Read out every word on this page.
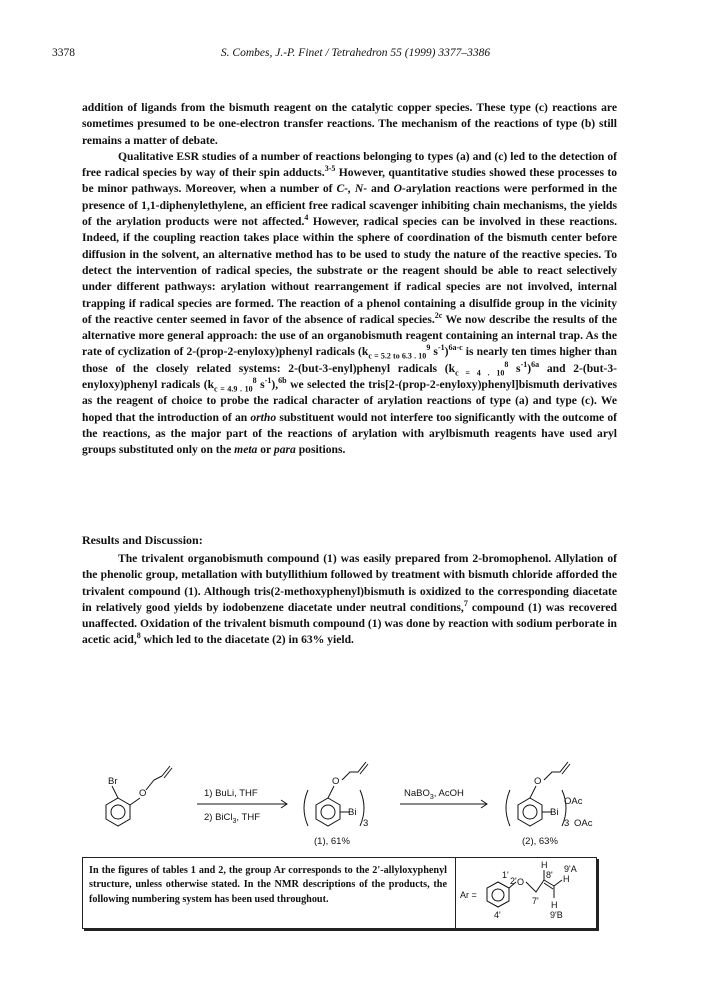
3378	S. Combes, J.-P. Finet / Tetrahedron 55 (1999) 3377–3386

addition of ligands from the bismuth reagent on the catalytic copper species. These type (c) reactions are sometimes presumed to be one-electron transfer reactions. The mechanism of the reactions of type (b) still remains a matter of debate.

Qualitative ESR studies of a number of reactions belonging to types (a) and (c) led to the detection of free radical species by way of their spin adducts.$^{3-5}$ However, quantitative studies showed these processes to be minor pathways. Moreover, when a number of C-, N- and O-arylation reactions were performed in the presence of 1,1-diphenylethylene, an efficient free radical scavenger inhibiting chain mechanisms, the yields of the arylation products were not affected.$^4$ However, radical species can be involved in these reactions. Indeed, if the coupling reaction takes place within the sphere of coordination of the bismuth center before diffusion in the solvent, an alternative method has to be used to study the nature of the reactive species. To detect the intervention of radical species, the substrate or the reagent should be able to react selectively under different pathways: arylation without rearrangement if radical species are not involved, internal trapping if radical species are formed. The reaction of a phenol containing a disulfide group in the vicinity of the reactive center seemed in favor of the absence of radical species.$^{2c}$ We now describe the results of the alternative more general approach: the use of an organobismuth reagent containing an internal trap. As the rate of cyclization of 2-(prop-2-enyloxy)phenyl radicals ($k_{c = 5.2 to 6.3 . 10}^9$ $s^{-1})^{6a-c}$ is nearly ten times higher than those of the closely related systems: 2-(but-3-enyl)phenyl radicals ($k_{c = 4 . 10}^8$ $s^{-1})^{6a}$ and 2-(but-3-enyloxy)phenyl radicals ($k_{c = 4.9 . 10}^8$ $s^{-1}),^{6b}$ we selected the tris[2-(prop-2-enyloxy)phenyl]bismuth derivatives as the reagent of choice to probe the radical character of arylation reactions of type (a) and type (c). We hoped that the introduction of an ortho substituent would not interfere too significantly with the outcome of the reactions, as the major part of the reactions of arylation with arylbismuth reagents have used aryl groups substituted only on the meta or para positions.

Results and Discussion:

The trivalent organobismuth compound (1) was easily prepared from 2-bromophenol. Allylation of the phenolic group, metallation with butyllithium followed by treatment with bismuth chloride afforded the trivalent compound (1). Although tris(2-methoxyphenyl)bismuth is oxidized to the corresponding diacetate in relatively good yields by iodobenzene diacetate under neutral conditions,$^7$ compound (1) was recovered unaffected. Oxidation of the trivalent bismuth compound (1) was done by reaction with sodium perborate in acetic acid,$^8$ which led to the diacetate (2) in 63% yield.

Br
O	1) BuLi, THF
2) BiCl$_3$, THF
O
Bi
3
NaBO$_3$, AcOH
O
Bi
OAc
3 OAc
(1), 61%	(2), 63%
In the figures of tables 1 and 2, the group Ar corresponds to the 2'-allyloxyphenyl structure, unless otherwise stated. In the NMR descriptions of the products, the following numbering system has been used throughout.	Ar =
1'
2' O
4'
7'
8'
H 9'A
H
H
9'B
